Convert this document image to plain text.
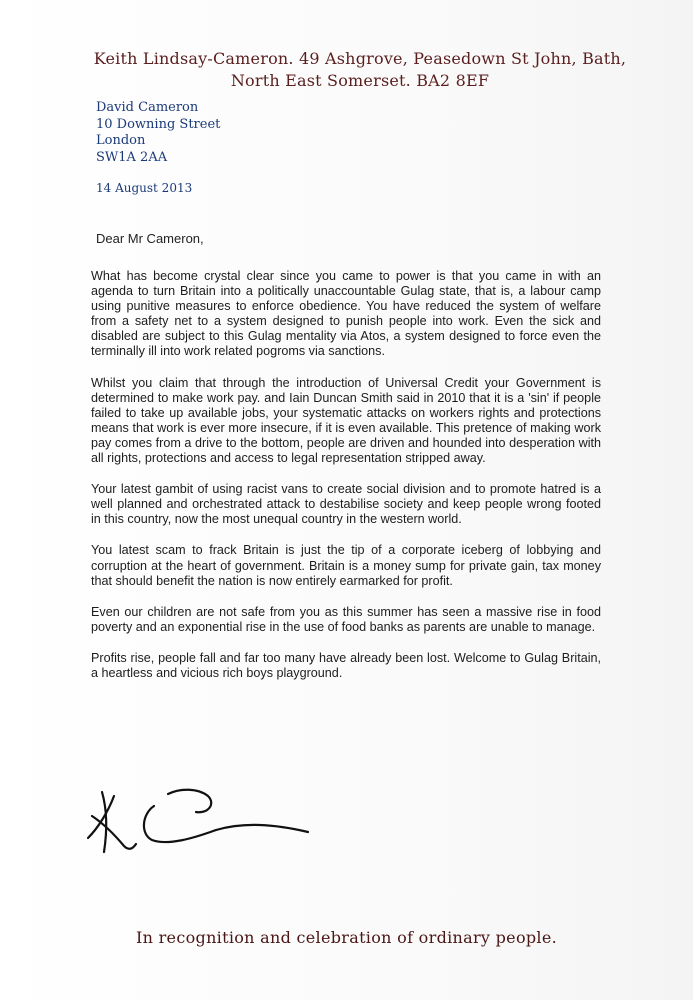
Keith Lindsay-Cameron. 49 Ashgrove, Peasedown St John, Bath,
North East Somerset. BA2 8EF
David Cameron
10 Downing Street
London
SW1A 2AA
14 August 2013
Dear Mr Cameron,

What has become crystal clear since you came to power is that you came in with an agenda to turn Britain into a politically unaccountable Gulag state, that is, a labour camp using punitive measures to enforce obedience. You have reduced the system of welfare from a safety net to a system designed to punish people into work. Even the sick and disabled are subject to this Gulag mentality via Atos, a system designed to force even the terminally ill into work related pogroms via sanctions.

Whilst you claim that through the introduction of Universal Credit your Government is determined to make work pay. and Iain Duncan Smith said in 2010 that it is a 'sin' if people failed to take up available jobs, your systematic attacks on workers rights and protections means that work is ever more insecure, if it is even available. This pretence of making work pay comes from a drive to the bottom, people are driven and hounded into desperation with all rights, protections and access to legal representation stripped away.

Your latest gambit of using racist vans to create social division and to promote hatred is a well planned and orchestrated attack to destabilise society and keep people wrong footed in this country, now the most unequal country in the western world.

You latest scam to frack Britain is just the tip of a corporate iceberg of lobbying and corruption at the heart of government. Britain is a money sump for private gain, tax money that should benefit the nation is now entirely earmarked for profit.

Even our children are not safe from you as this summer has seen a massive rise in food poverty and an exponential rise in the use of food banks as parents are unable to manage.

Profits rise, people fall and far too many have already been lost. Welcome to Gulag Britain, a heartless and vicious rich boys playground.

In recognition and celebration of ordinary people.
